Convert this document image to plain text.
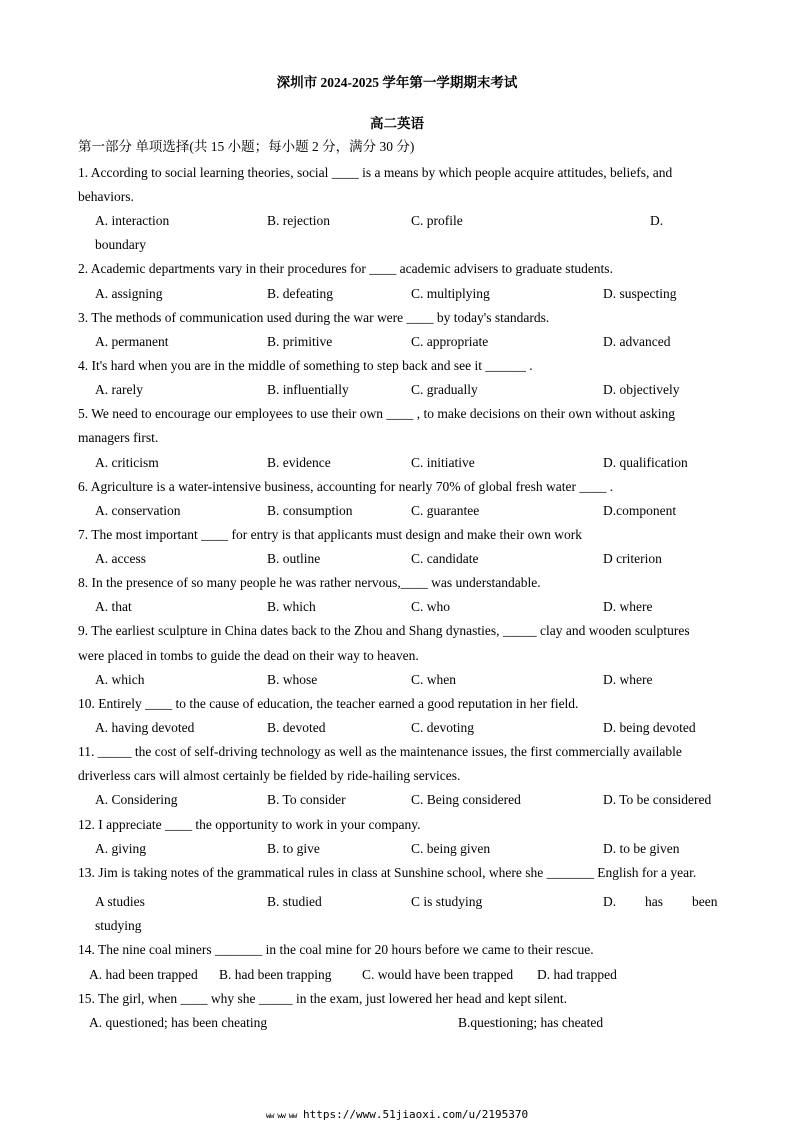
深圳市 2024-2025 学年第一学期期末考试
高二英语
第一部分 单项选择(共 15 小题；每小题 2 分，满分 30 分)
1. According to social learning theories, social ____ is a means by which people acquire attitudes, beliefs, and
behaviors.
A. interaction	B. rejection	C. profile	D.
boundary
2. Academic departments vary in their procedures for ____ academic advisers to graduate students.
A. assigning	B. defeating	C. multiplying	D. suspecting
3. The methods of communication used during the war were ____ by today's standards.
A. permanent	B. primitive	C. appropriate	D. advanced
4. It's hard when you are in the middle of something to step back and see it ______ .
A. rarely	B. influentially	C. gradually	D. objectively
5. We need to encourage our employees to use their own ____ , to make decisions on their own without asking
managers first.
A. criticism	B. evidence	C. initiative	D. qualification
6. Agriculture is a water-intensive business, accounting for nearly 70% of global fresh water ____ .
A. conservation	B. consumption	C. guarantee	D.component
7. The most important ____ for entry is that applicants must design and make their own work
A. access	B. outline	C. candidate	D criterion
8. In the presence of so many people he was rather nervous,____ was understandable.
A. that	B. which	C. who	D. where
9. The earliest sculpture in China dates back to the Zhou and Shang dynasties, _____ clay and wooden sculptures
were placed in tombs to guide the dead on their way to heaven.
A. which	B. whose	C. when	D. where
10. Entirely ____ to the cause of education, the teacher earned a good reputation in her field.
A. having devoted	B. devoted	C. devoting	D. being devoted
11. _____ the cost of self-driving technology as well as the maintenance issues, the first commercially available
driverless cars will almost certainly be fielded by ride-hailing services.
A. Considering	B. To consider	C. Being considered	D. To be considered
12. I appreciate ____ the opportunity to work in your company.
A. giving	B. to give	C. being given	D. to be given
13. Jim is taking notes of the grammatical rules in class at Sunshine school, where she _______ English for a year.
A studies	B. studied	C is studying	D. has been
studying
14. The nine coal miners _______ in the coal mine for 20 hours before we came to their rescue.
A. had been trapped B. had been trapping C. would have been trapped D. had trapped
15. The girl, when ____ why she _____ in the exam, just lowered her head and kept silent.
A. questioned; has been cheating	B.questioning; has cheated
ww ww ww https://www.51jiaoxi.com/u/2195370
